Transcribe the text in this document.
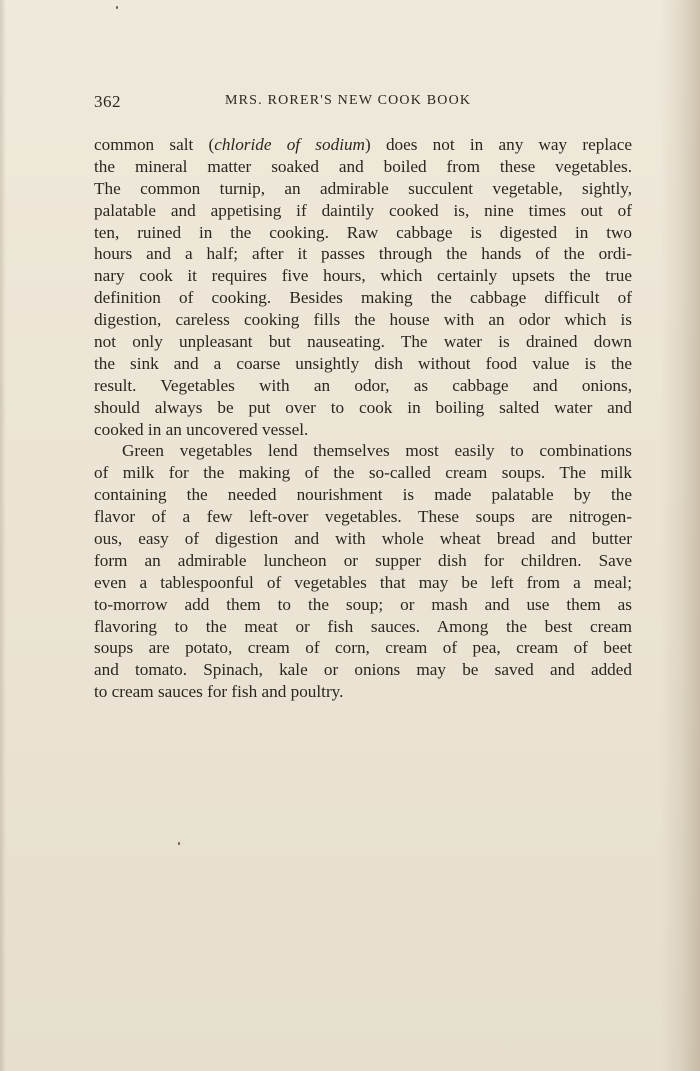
362	MRS. RORER'S NEW COOK BOOK
common salt (chloride of sodium) does not in any way replace
the mineral matter soaked and boiled from these vegetables.
The common turnip, an admirable succulent vegetable, sightly,
palatable and appetising if daintily cooked is, nine times out of
ten, ruined in the cooking. Raw cabbage is digested in two
hours and a half; after it passes through the hands of the ordi-
nary cook it requires five hours, which certainly upsets the true
definition of cooking. Besides making the cabbage difficult of
digestion, careless cooking fills the house with an odor which is
not only unpleasant but nauseating. The water is drained down
the sink and a coarse unsightly dish without food value is the
result. Vegetables with an odor, as cabbage and onions,
should always be put over to cook in boiling salted water and
cooked in an uncovered vessel.
Green vegetables lend themselves most easily to combinations
of milk for the making of the so-called cream soups. The milk
containing the needed nourishment is made palatable by the
flavor of a few left-over vegetables. These soups are nitrogen-
ous, easy of digestion and with whole wheat bread and butter
form an admirable luncheon or supper dish for children. Save
even a tablespoonful of vegetables that may be left from a meal;
to-morrow add them to the soup; or mash and use them as
flavoring to the meat or fish sauces. Among the best cream
soups are potato, cream of corn, cream of pea, cream of beet
and tomato. Spinach, kale or onions may be saved and added
to cream sauces for fish and poultry.
